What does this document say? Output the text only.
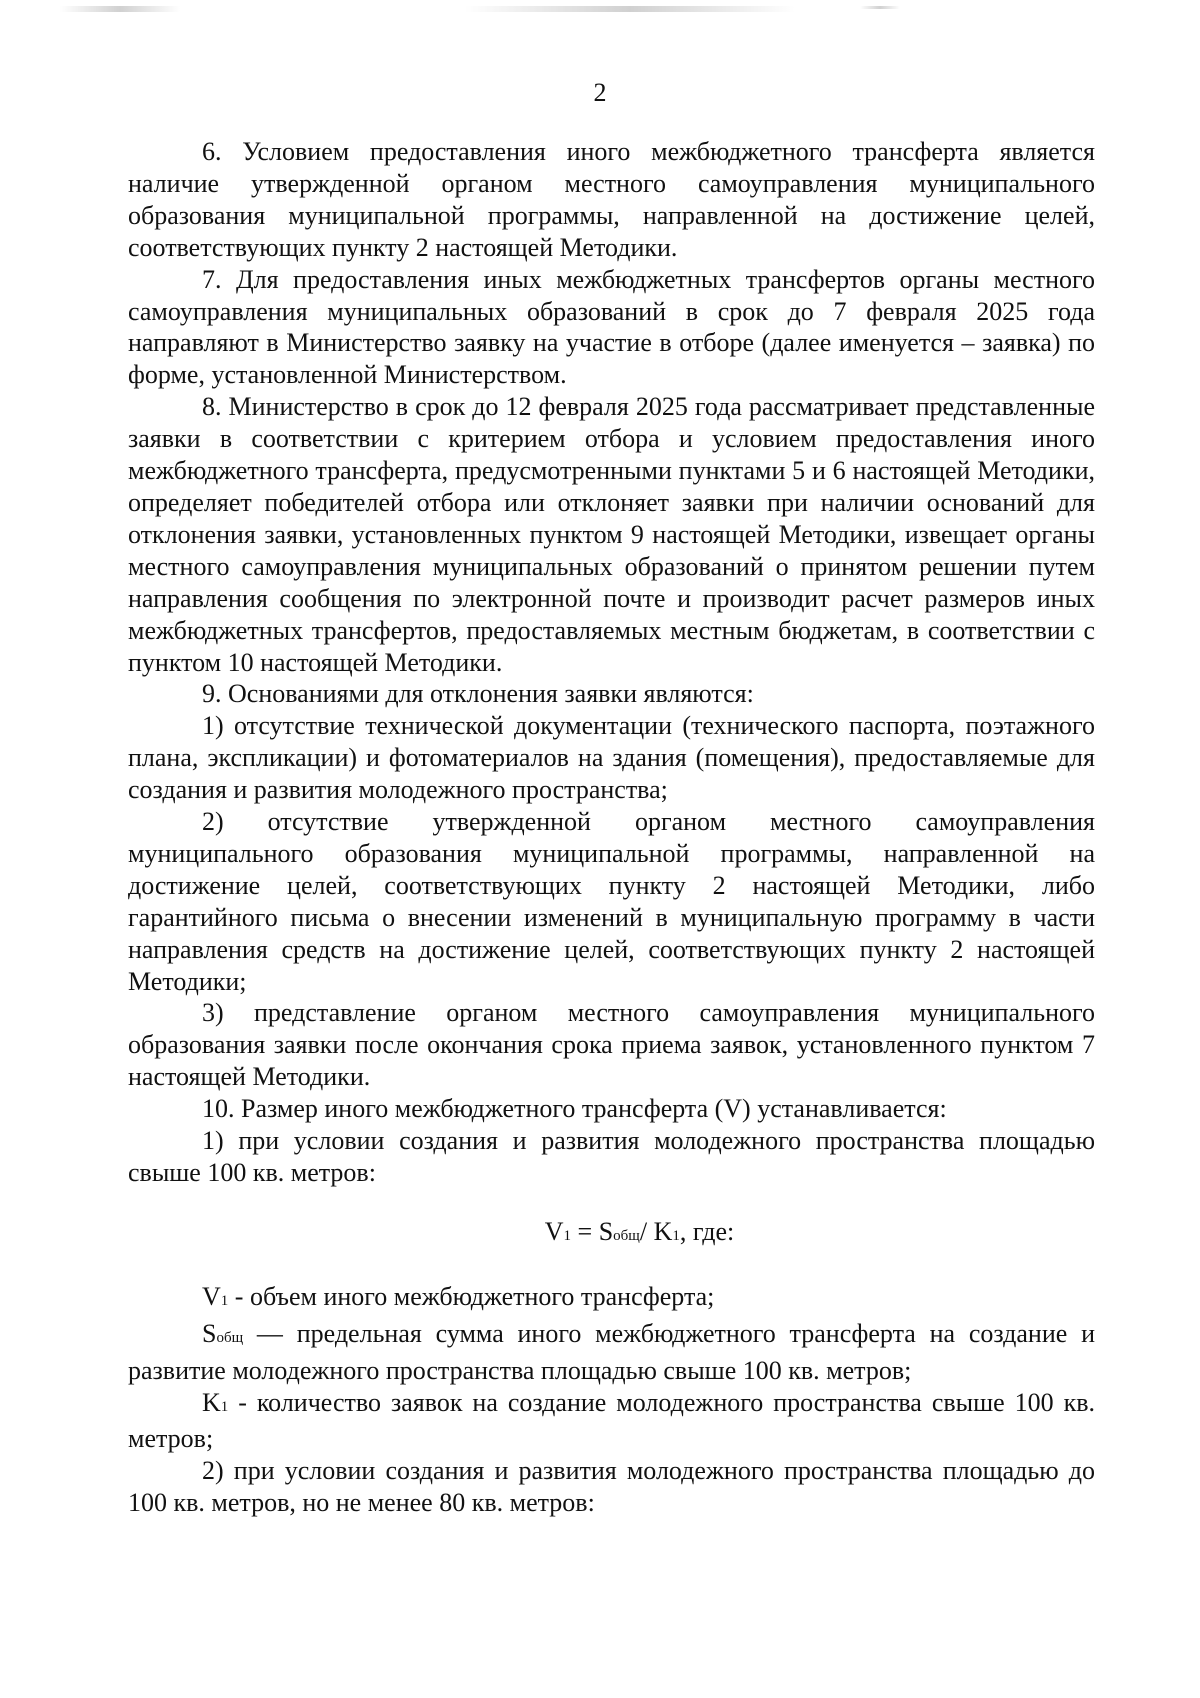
2

6. Условием предоставления иного межбюджетного трансферта является наличие утвержденной органом местного самоуправления муниципального образования муниципальной программы, направленной на достижение целей, соответствующих пункту 2 настоящей Методики.

7. Для предоставления иных межбюджетных трансфертов органы местного самоуправления муниципальных образований в срок до 7 февраля 2025 года направляют в Министерство заявку на участие в отборе (далее именуется – заявка) по форме, установленной Министерством.

8. Министерство в срок до 12 февраля 2025 года рассматривает представленные заявки в соответствии с критерием отбора и условием предоставления иного межбюджетного трансферта, предусмотренными пунктами 5 и 6 настоящей Методики, определяет победителей отбора или отклоняет заявки при наличии оснований для отклонения заявки, установленных пунктом 9 настоящей Методики, извещает органы местного самоуправления муниципальных образований о принятом решении путем направления сообщения по электронной почте и производит расчет размеров иных межбюджетных трансфертов, предоставляемых местным бюджетам, в соответствии с пунктом 10 настоящей Методики.

9. Основаниями для отклонения заявки являются:

1) отсутствие технической документации (технического паспорта, поэтажного плана, экспликации) и фотоматериалов на здания (помещения), предоставляемые для создания и развития молодежного пространства;

2) отсутствие утвержденной органом местного самоуправления муниципального образования муниципальной программы, направленной на достижение целей, соответствующих пункту 2 настоящей Методики, либо гарантийного письма о внесении изменений в муниципальную программу в части направления средств на достижение целей, соответствующих пункту 2 настоящей Методики;

3) представление органом местного самоуправления муниципального образования заявки после окончания срока приема заявок, установленного пунктом 7 настоящей Методики.

10. Размер иного межбюджетного трансферта (V) устанавливается:

1) при условии создания и развития молодежного пространства площадью свыше 100 кв. метров:

V1 = Sобщ/ K1, где:

V1 - объем иного межбюджетного трансферта;

Sобщ — предельная сумма иного межбюджетного трансферта на создание и развитие молодежного пространства площадью свыше 100 кв. метров;

K1 - количество заявок на создание молодежного пространства свыше 100 кв. метров;

2) при условии создания и развития молодежного пространства площадью до 100 кв. метров, но не менее 80 кв. метров:
